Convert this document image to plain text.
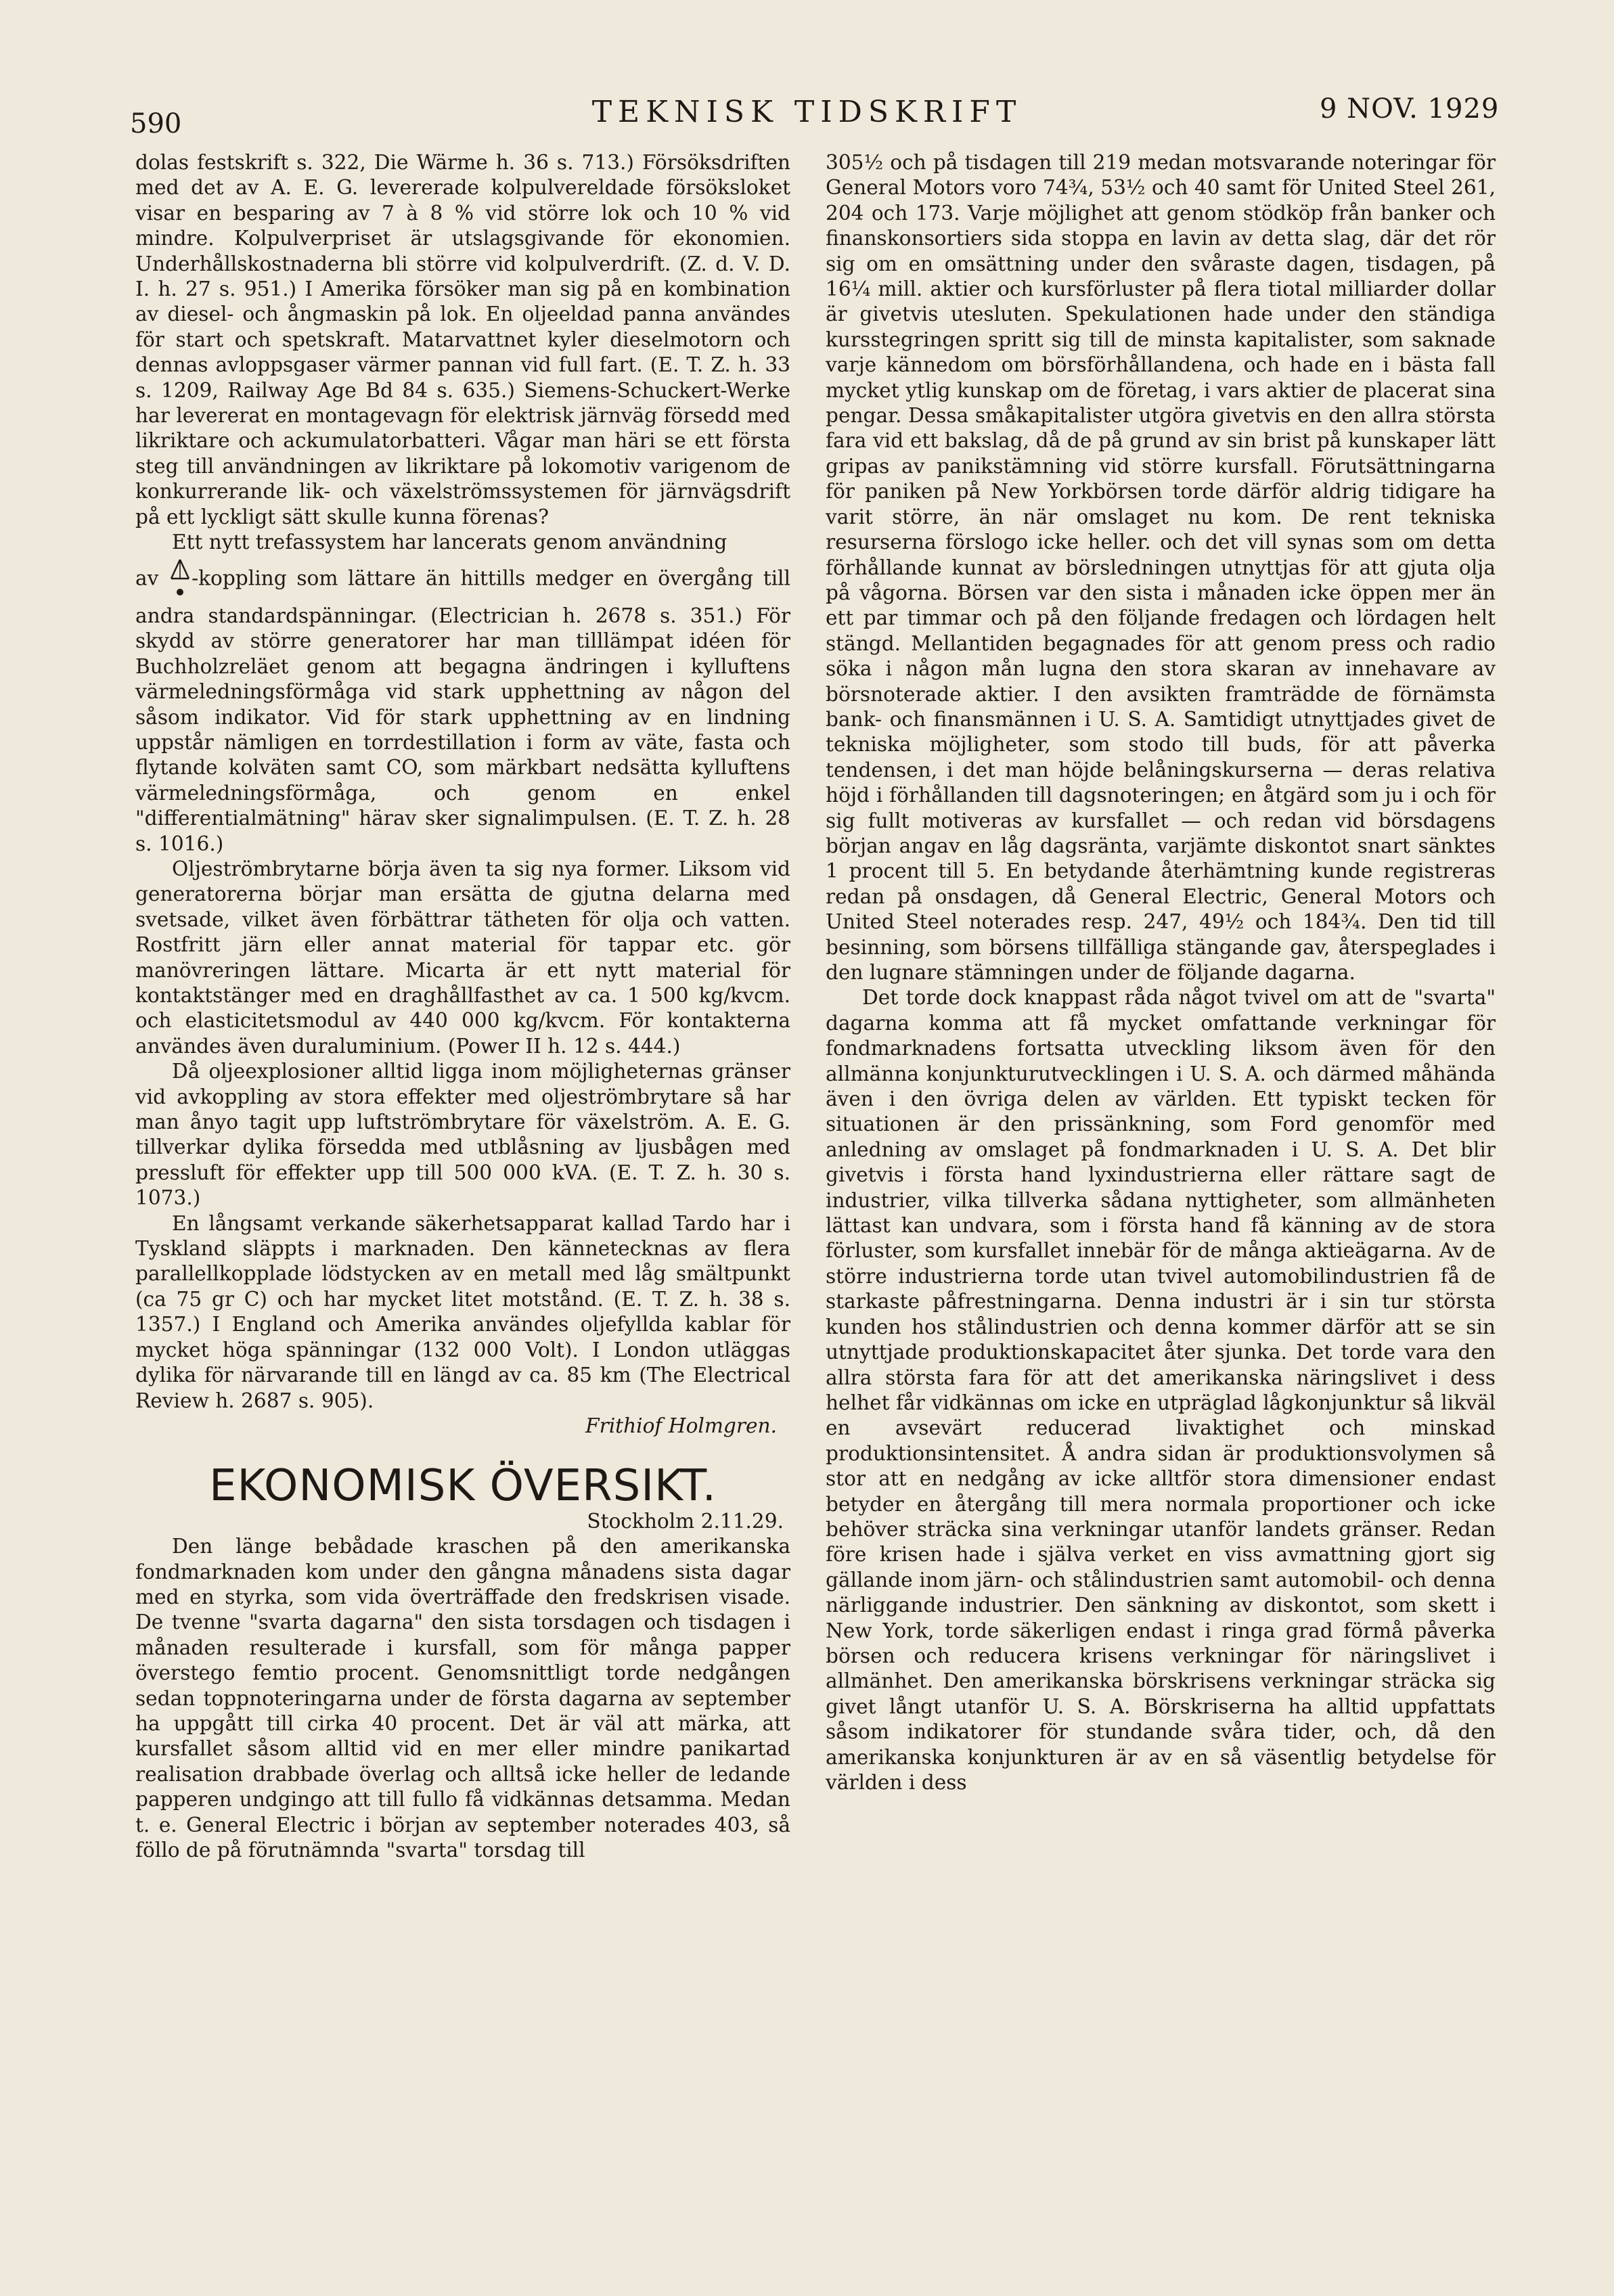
590	TEKNISK TIDSKRIFT	9 NOV. 1929

dolas festskrift s. 322, Die Wärme h. 36 s. 713.) Försöksdriften med det av A. E. G. levererade kolpulvereldade försöksloket visar en besparing av 7 à 8 % vid större lok och 10 % vid mindre. Kolpulverpriset är utslagsgivande för ekonomien. Underhållskostnaderna bli större vid kolpulverdrift. (Z. d. V. D. I. h. 27 s. 951.) I Amerika försöker man sig på en kombination av diesel- och ångmaskin på lok. En oljeeldad panna användes för start och spetskraft. Matarvattnet kyler dieselmotorn och dennas avloppsgaser värmer pannan vid full fart. (E. T. Z. h. 33 s. 1209, Railway Age Bd 84 s. 635.) Siemens-Schuckert-Werke har levererat en montagevagn för elektrisk järnväg försedd med likriktare och ackumulatorbatteri. Vågar man häri se ett första steg till användningen av likriktare på lokomotiv varigenom de konkurrerande lik- och växelströmssystemen för järnvägsdrift på ett lyckligt sätt skulle kunna förenas?

Ett nytt trefassystem har lancerats genom användning

av -koppling som lättare än hittills medger en övergång till andra standardspänningar. (Electrician h. 2678 s. 351.) För skydd av större generatorer har man tilllämpat idéen för Buchholzreläet genom att begagna ändringen i kylluftens värmeledningsförmåga vid stark upphettning av någon del såsom indikator. Vid för stark upphettning av en lindning uppstår nämligen en torrdestillation i form av väte, fasta och flytande kolväten samt CO, som märkbart nedsätta kylluftens värmeledningsförmåga, och genom en enkel "differentialmätning" härav sker signalimpulsen. (E. T. Z. h. 28 s. 1016.)

Oljeströmbrytarne börja även ta sig nya former. Liksom vid generatorerna börjar man ersätta de gjutna delarna med svetsade, vilket även förbättrar tätheten för olja och vatten. Rostfritt järn eller annat material för tappar etc. gör manövreringen lättare. Micarta är ett nytt material för kontaktstänger med en draghållfasthet av ca. 1 500 kg/kvcm. och elasticitetsmodul av 440 000 kg/kvcm. För kontakterna användes även duraluminium. (Power II h. 12 s. 444.)

Då oljeexplosioner alltid ligga inom möjligheternas gränser vid avkoppling av stora effekter med oljeströmbrytare så har man ånyo tagit upp luftströmbrytare för växelström. A. E. G. tillverkar dylika försedda med utblåsning av ljusbågen med pressluft för effekter upp till 500 000 kVA. (E. T. Z. h. 30 s. 1073.)

En långsamt verkande säkerhetsapparat kallad Tardo har i Tyskland släppts i marknaden. Den kännetecknas av flera parallellkopplade lödstycken av en metall med låg smältpunkt (ca 75 gr C) och har mycket litet motstånd. (E. T. Z. h. 38 s. 1357.) I England och Amerika användes oljefyllda kablar för mycket höga spänningar (132 000 Volt). I London utläggas dylika för närvarande till en längd av ca. 85 km (The Electrical Review h. 2687 s. 905).

Frithiof Holmgren.
EKONOMISK ÖVERSIKT.

Stockholm 2.11.29.

Den länge bebådade kraschen på den amerikanska fondmarknaden kom under den gångna månadens sista dagar med en styrka, som vida överträffade den fredskrisen visade. De tvenne "svarta dagarna" den sista torsdagen och tisdagen i månaden resulterade i kursfall, som för många papper överstego femtio procent. Genomsnittligt torde nedgången sedan toppnoteringarna under de första dagarna av september ha uppgått till cirka 40 procent. Det är väl att märka, att kursfallet såsom alltid vid en mer eller mindre panikartad realisation drabbade överlag och alltså icke heller de ledande papperen undgingo att till fullo få vidkännas detsamma. Medan t. e. General Electric i början av september noterades 403, så föllo de på förutnämnda "svarta" torsdag till

305½ och på tisdagen till 219 medan motsvarande noteringar för General Motors voro 74¾, 53½ och 40 samt för United Steel 261, 204 och 173. Varje möjlighet att genom stödköp från banker och finanskonsortiers sida stoppa en lavin av detta slag, där det rör sig om en omsättning under den svåraste dagen, tisdagen, på 16¼ mill. aktier och kursförluster på flera tiotal milliarder dollar är givetvis utesluten. Spekulationen hade under den ständiga kursstegringen spritt sig till de minsta kapitalister, som saknade varje kännedom om börsförhållandena, och hade en i bästa fall mycket ytlig kunskap om de företag, i vars aktier de placerat sina pengar. Dessa småkapitalister utgöra givetvis en den allra största fara vid ett bakslag, då de på grund av sin brist på kunskaper lätt gripas av panikstämning vid större kursfall. Förutsättningarna för paniken på New Yorkbörsen torde därför aldrig tidigare ha varit större, än när omslaget nu kom. De rent tekniska resurserna förslogo icke heller. och det vill synas som om detta förhållande kunnat av börsledningen utnyttjas för att gjuta olja på vågorna. Börsen var den sista i månaden icke öppen mer än ett par timmar och på den följande fredagen och lördagen helt stängd. Mellantiden begagnades för att genom press och radio söka i någon mån lugna den stora skaran av innehavare av börsnoterade aktier. I den avsikten framträdde de förnämsta bank- och finansmännen i U. S. A. Samtidigt utnyttjades givet de tekniska möjligheter, som stodo till buds, för att påverka tendensen, i det man höjde belåningskurserna — deras relativa höjd i förhållanden till dagsnoteringen; en åtgärd som ju i och för sig fullt motiveras av kursfallet — och redan vid börsdagens början angav en låg dagsränta, varjämte diskontot snart sänktes 1 procent till 5. En betydande återhämtning kunde registreras redan på onsdagen, då General Electric, General Motors och United Steel noterades resp. 247, 49½ och 184¾. Den tid till besinning, som börsens tillfälliga stängande gav, återspeglades i den lugnare stämningen under de följande dagarna.

Det torde dock knappast råda något tvivel om att de "svarta" dagarna komma att få mycket omfattande verkningar för fondmarknadens fortsatta utveckling liksom även för den allmänna konjunkturutvecklingen i U. S. A. och därmed måhända även i den övriga delen av världen. Ett typiskt tecken för situationen är den prissänkning, som Ford genomför med anledning av omslaget på fondmarknaden i U. S. A. Det blir givetvis i första hand lyxindustrierna eller rättare sagt de industrier, vilka tillverka sådana nyttigheter, som allmänheten lättast kan undvara, som i första hand få känning av de stora förluster, som kursfallet innebär för de många aktieägarna. Av de större industrierna torde utan tvivel automobilindustrien få de starkaste påfrestningarna. Denna industri är i sin tur största kunden hos stålindustrien och denna kommer därför att se sin utnyttjade produktionskapacitet åter sjunka. Det torde vara den allra största fara för att det amerikanska näringslivet i dess helhet får vidkännas om icke en utpräglad lågkonjunktur så likväl en avsevärt reducerad livaktighet och minskad produktionsintensitet. Å andra sidan är produktionsvolymen så stor att en nedgång av icke alltför stora dimensioner endast betyder en återgång till mera normala proportioner och icke behöver sträcka sina verkningar utanför landets gränser. Redan före krisen hade i själva verket en viss avmattning gjort sig gällande inom järn- och stålindustrien samt automobil- och denna närliggande industrier. Den sänkning av diskontot, som skett i New York, torde säkerligen endast i ringa grad förmå påverka börsen och reducera krisens verkningar för näringslivet i allmänhet. Den amerikanska börskrisens verkningar sträcka sig givet långt utanför U. S. A. Börskriserna ha alltid uppfattats såsom indikatorer för stundande svåra tider, och, då den amerikanska konjunkturen är av en så väsentlig betydelse för världen i dess
